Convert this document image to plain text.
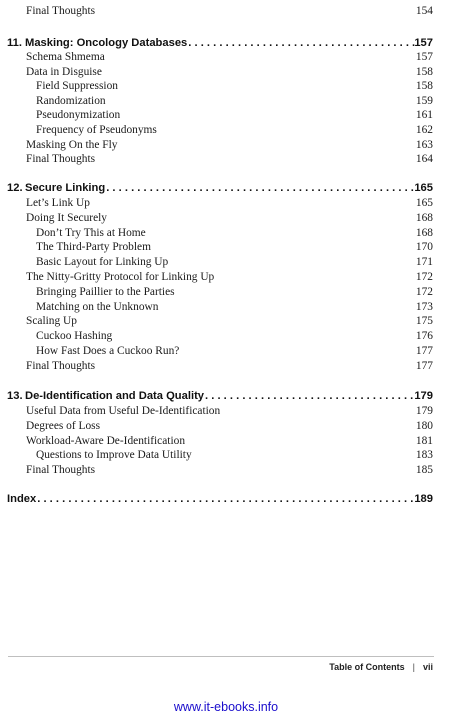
Final Thoughts	154
11. Masking: Oncology Databases . . .	157
Schema Shmema	157
Data in Disguise	158
Field Suppression	158
Randomization	159
Pseudonymization	161
Frequency of Pseudonyms	162
Masking On the Fly	163
Final Thoughts	164
12. Secure Linking . . .	165
Let’s Link Up	165
Doing It Securely	168
Don’t Try This at Home	168
The Third-Party Problem	170
Basic Layout for Linking Up	171
The Nitty-Gritty Protocol for Linking Up	172
Bringing Paillier to the Parties	172
Matching on the Unknown	173
Scaling Up	175
Cuckoo Hashing	176
How Fast Does a Cuckoo Run?	177
Final Thoughts	177
13. De-Identification and Data Quality . . .	179
Useful Data from Useful De-Identification	179
Degrees of Loss	180
Workload-Aware De-Identification	181
Questions to Improve Data Utility	183
Final Thoughts	185
Index . . .	189
Table of Contents | vii
www.it-ebooks.info
